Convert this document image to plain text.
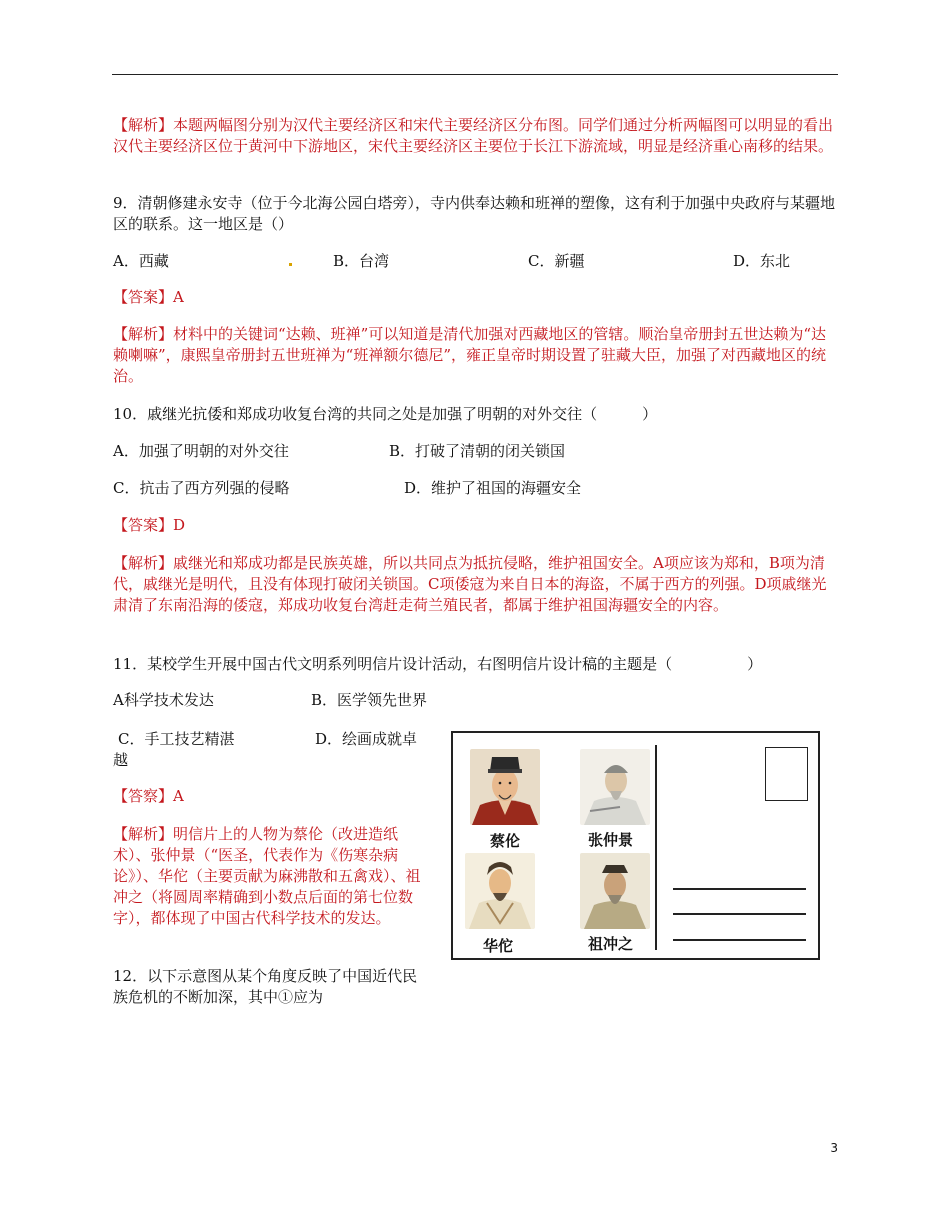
【解析】本题两幅图分别为汉代主要经济区和宋代主要经济区分布图。同学们通过分析两幅图可以明显的看出汉代主要经济区位于黄河中下游地区，宋代主要经济区主要位于长江下游流域，明显是经济重心南移的结果。
9．清朝修建永安寺（位于今北海公园白塔旁），寺内供奉达赖和班禅的塑像，这有利于加强中央政府与某疆地区的联系。这一地区是（）
A．西藏	B．台湾	C．新疆	D．东北
【答案】A
【解析】材料中的关键词“达赖、班禅”可以知道是清代加强对西藏地区的管辖。顺治皇帝册封五世达赖为“达赖喇嘛”，康熙皇帝册封五世班禅为“班禅额尔德尼”，雍正皇帝时期设置了驻藏大臣，加强了对西藏地区的统治。
10．戚继光抗倭和郑成功收复台湾的共同之处是加强了明朝的对外交往（　　　）
A．加强了明朝的对外交往	B．打破了清朝的闭关锁国
C．抗击了西方列强的侵略	D．维护了祖国的海疆安全
【答案】D
【解析】戚继光和郑成功都是民族英雄，所以共同点为抵抗侵略，维护祖国安全。A项应该为郑和，B项为清代，戚继光是明代，且没有体现打破闭关锁国。C项倭寇为来自日本的海盗，不属于西方的列强。D项戚继光肃清了东南沿海的倭寇，郑成功收复台湾赶走荷兰殖民者，都属于维护祖国海疆安全的内容。
11．某校学生开展中国古代文明系列明信片设计活动，右图明信片设计稿的主题是（　　　　　）
A科学技术发达	B．医学领先世界
C．手工技艺精湛	D．绘画成就卓越
【答察】A
【解析】明信片上的人物为蔡伦（改进造纸术）、张仲景（“医圣，代表作为《伤寒杂病论》）、华佗（主要贡献为麻沸散和五禽戏）、祖冲之（将圆周率精确到小数点后面的第七位数字），都体现了中国古代科学技术的发达。
12．以下示意图从某个角度反映了中国近代民族危机的不断加深，其中①应为
蔡伦	张仲景
华佗	祖冲之
3
